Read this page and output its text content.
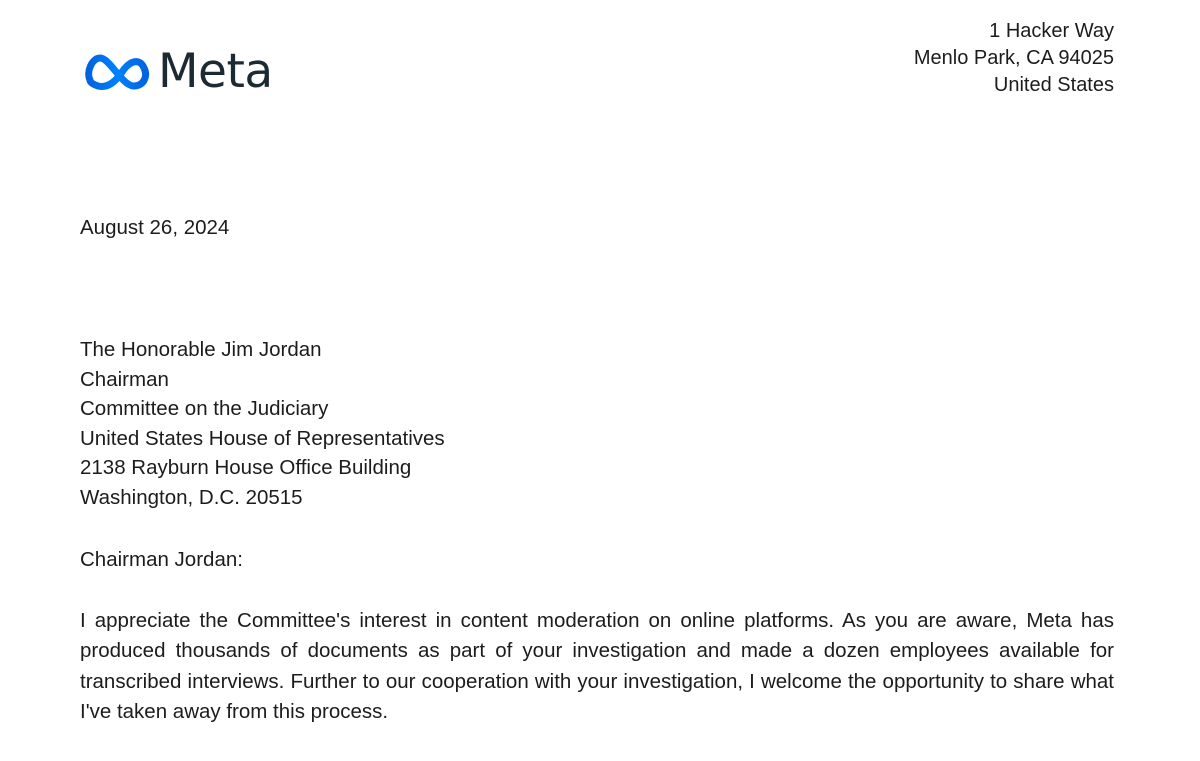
Meta
1 Hacker Way
Menlo Park, CA 94025
United States
August 26, 2024
The Honorable Jim Jordan
Chairman
Committee on the Judiciary
United States House of Representatives
2138 Rayburn House Office Building
Washington, D.C. 20515
Chairman Jordan:
I appreciate the Committee's interest in content moderation on online platforms. As you are aware, Meta has produced thousands of documents as part of your investigation and made a dozen employees available for transcribed interviews. Further to our cooperation with your investigation, I welcome the opportunity to share what I've taken away from this process.
